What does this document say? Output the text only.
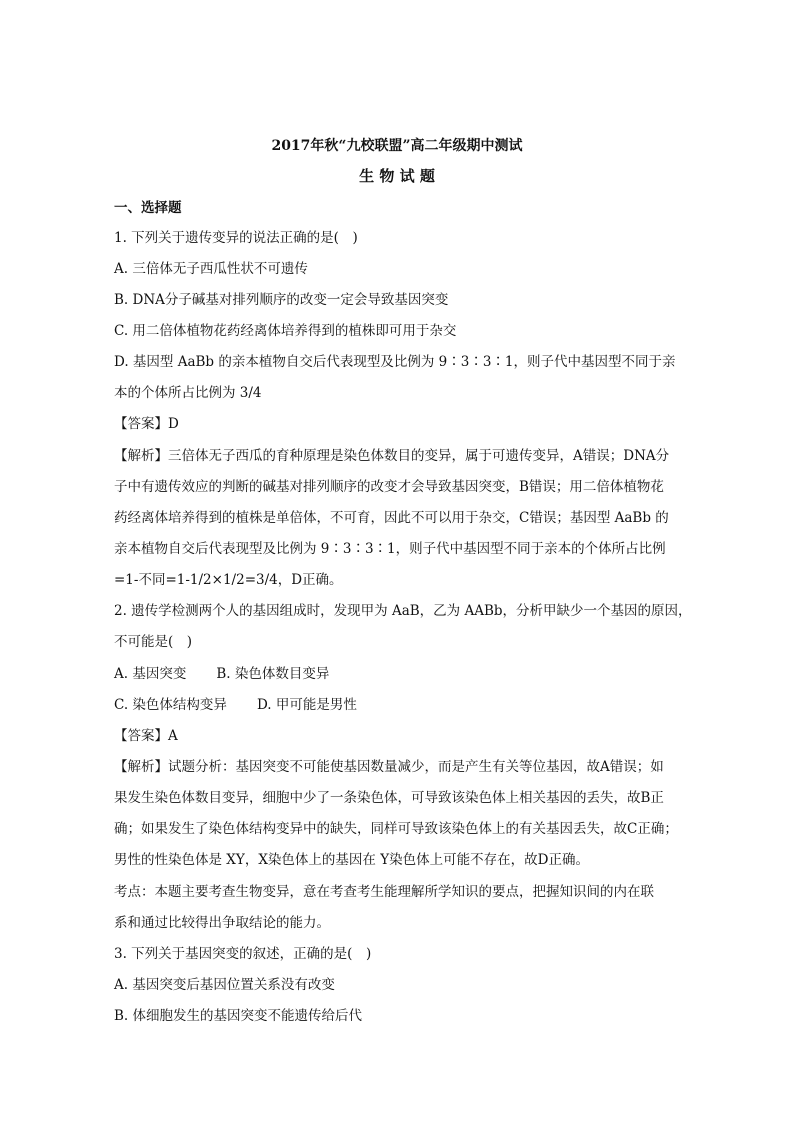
2017年秋“九校联盟”高二年级期中测试
生 物 试 题
一、选择题
1. 下列关于遗传变异的说法正确的是(　)
A. 三倍体无子西瓜性状不可遗传
B. DNA分子碱基对排列顺序的改变一定会导致基因突变
C. 用二倍体植物花药经离体培养得到的植株即可用于杂交
D. 基因型 AaBb 的亲本植物自交后代表现型及比例为 9∶3∶3∶1，则子代中基因型不同于亲
本的个体所占比例为 3/4
【答案】D
【解析】三倍体无子西瓜的育种原理是染色体数目的变异，属于可遗传变异，A错误；DNA分
子中有遗传效应的判断的碱基对排列顺序的改变才会导致基因突变，B错误；用二倍体植物花
药经离体培养得到的植株是单倍体，不可育，因此不可以用于杂交，C错误；基因型 AaBb 的
亲本植物自交后代表现型及比例为 9∶3∶3∶1，则子代中基因型不同于亲本的个体所占比例
=1-不同=1-1/2×1/2=3/4，D正确。
2. 遗传学检测两个人的基因组成时，发现甲为 AaB，乙为 AABb，分析甲缺少一个基因的原因，
不可能是(　)
A. 基因突变 B. 染色体数目变异
C. 染色体结构变异 D. 甲可能是男性
【答案】A
【解析】试题分析：基因突变不可能使基因数量减少，而是产生有关等位基因，故A错误；如
果发生染色体数目变异，细胞中少了一条染色体，可导致该染色体上相关基因的丢失，故B正
确；如果发生了染色体结构变异中的缺失，同样可导致该染色体上的有关基因丢失，故C正确；
男性的性染色体是 XY，X染色体上的基因在 Y染色体上可能不存在，故D正确。
考点：本题主要考查生物变异，意在考查考生能理解所学知识的要点，把握知识间的内在联
系和通过比较得出争取结论的能力。
3. 下列关于基因突变的叙述，正确的是(　)
A. 基因突变后基因位置关系没有改变
B. 体细胞发生的基因突变不能遗传给后代
